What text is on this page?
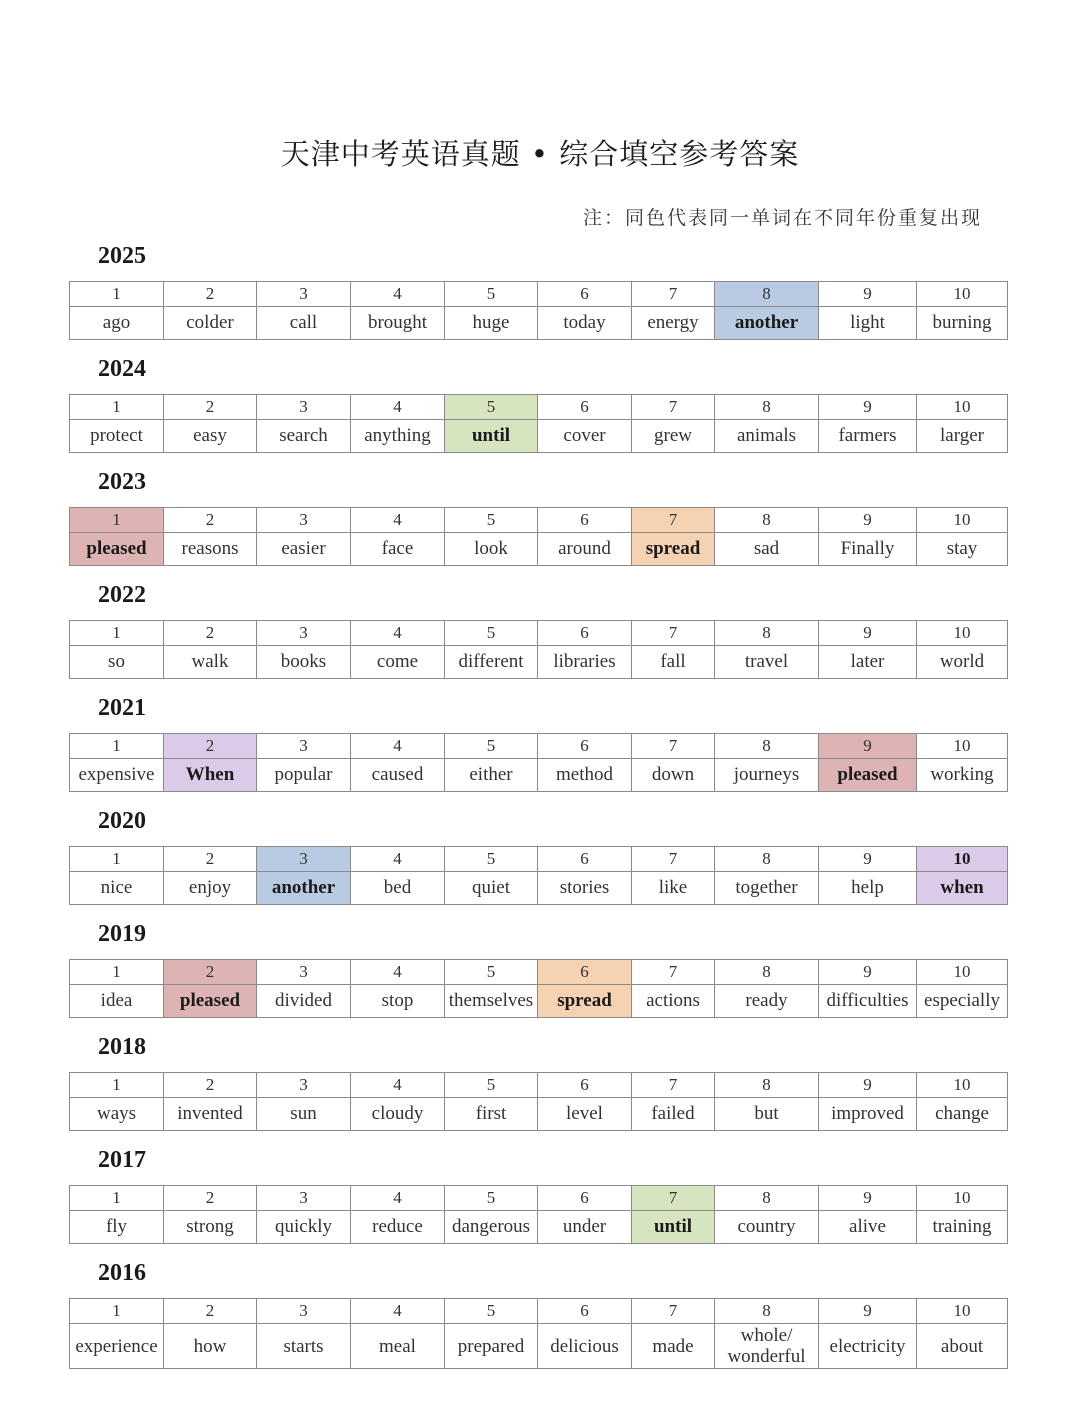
天津中考英语真题 • 综合填空参考答案
注：同色代表同一单词在不同年份重复出现
2025
1	2	3	4	5	6	7	8	9	10
ago	colder	call	brought	huge	today	energy	another	light	burning
2024
1	2	3	4	5	6	7	8	9	10
protect	easy	search	anything	until	cover	grew	animals	farmers	larger
2023
1	2	3	4	5	6	7	8	9	10
pleased	reasons	easier	face	look	around	spread	sad	Finally	stay
2022
1	2	3	4	5	6	7	8	9	10
so	walk	books	come	different	libraries	fall	travel	later	world
2021
1	2	3	4	5	6	7	8	9	10
expensive	When	popular	caused	either	method	down	journeys	pleased	working
2020
1	2	3	4	5	6	7	8	9	10
nice	enjoy	another	bed	quiet	stories	like	together	help	when
2019
1	2	3	4	5	6	7	8	9	10
idea	pleased	divided	stop	themselves	spread	actions	ready	difficulties	especially
2018
1	2	3	4	5	6	7	8	9	10
ways	invented	sun	cloudy	first	level	failed	but	improved	change
2017
1	2	3	4	5	6	7	8	9	10
fly	strong	quickly	reduce	dangerous	under	until	country	alive	training
2016
1	2	3	4	5	6	7	8	9	10
experience	how	starts	meal	prepared	delicious	made	whole/ wonderful	electricity	about
